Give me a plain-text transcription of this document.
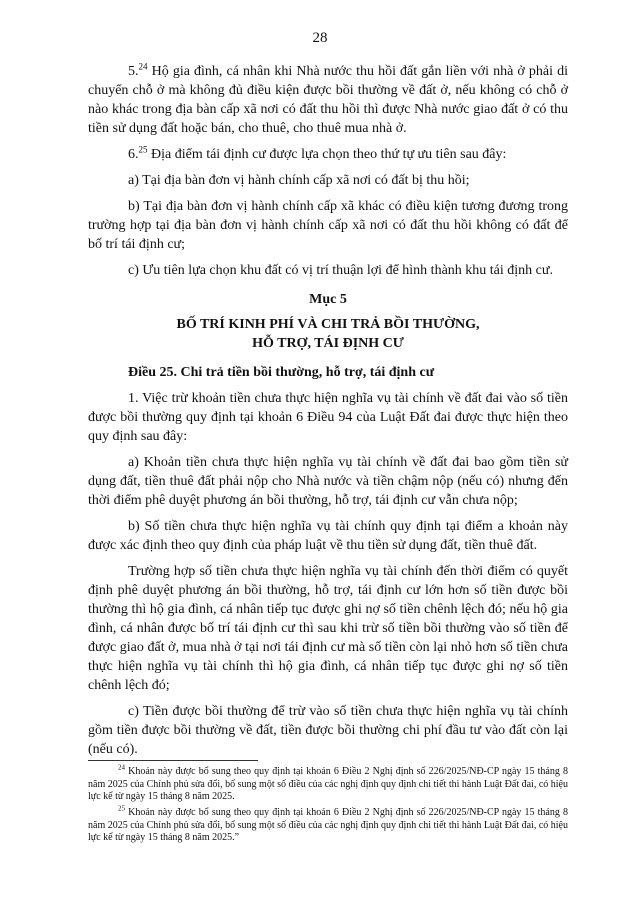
28

5.24 Hộ gia đình, cá nhân khi Nhà nước thu hồi đất gắn liền với nhà ở phải di chuyển chỗ ở mà không đủ điều kiện được bồi thường về đất ở, nếu không có chỗ ở nào khác trong địa bàn cấp xã nơi có đất thu hồi thì được Nhà nước giao đất ở có thu tiền sử dụng đất hoặc bán, cho thuê, cho thuê mua nhà ở.

6.25 Địa điểm tái định cư được lựa chọn theo thứ tự ưu tiên sau đây:

a) Tại địa bàn đơn vị hành chính cấp xã nơi có đất bị thu hồi;

b) Tại địa bàn đơn vị hành chính cấp xã khác có điều kiện tương đương trong trường hợp tại địa bàn đơn vị hành chính cấp xã nơi có đất thu hồi không có đất để bố trí tái định cư;

c) Ưu tiên lựa chọn khu đất có vị trí thuận lợi để hình thành khu tái định cư.

Mục 5

BỐ TRÍ KINH PHÍ VÀ CHI TRẢ BỒI THƯỜNG,
HỖ TRỢ, TÁI ĐỊNH CƯ

Điều 25. Chi trả tiền bồi thường, hỗ trợ, tái định cư

1. Việc trừ khoản tiền chưa thực hiện nghĩa vụ tài chính về đất đai vào số tiền được bồi thường quy định tại khoản 6 Điều 94 của Luật Đất đai được thực hiện theo quy định sau đây:

a) Khoản tiền chưa thực hiện nghĩa vụ tài chính về đất đai bao gồm tiền sử dụng đất, tiền thuê đất phải nộp cho Nhà nước và tiền chậm nộp (nếu có) nhưng đến thời điểm phê duyệt phương án bồi thường, hỗ trợ, tái định cư vẫn chưa nộp;

b) Số tiền chưa thực hiện nghĩa vụ tài chính quy định tại điểm a khoản này được xác định theo quy định của pháp luật về thu tiền sử dụng đất, tiền thuê đất.

Trường hợp số tiền chưa thực hiện nghĩa vụ tài chính đến thời điểm có quyết định phê duyệt phương án bồi thường, hỗ trợ, tái định cư lớn hơn số tiền được bồi thường thì hộ gia đình, cá nhân tiếp tục được ghi nợ số tiền chênh lệch đó; nếu hộ gia đình, cá nhân được bố trí tái định cư thì sau khi trừ số tiền bồi thường vào số tiền để được giao đất ở, mua nhà ở tại nơi tái định cư mà số tiền còn lại nhỏ hơn số tiền chưa thực hiện nghĩa vụ tài chính thì hộ gia đình, cá nhân tiếp tục được ghi nợ số tiền chênh lệch đó;

c) Tiền được bồi thường để trừ vào số tiền chưa thực hiện nghĩa vụ tài chính gồm tiền được bồi thường về đất, tiền được bồi thường chi phí đầu tư vào đất còn lại (nếu có).

$^{24}$ Khoản này được bổ sung theo quy định tại khoản 6 Điều 2 Nghị định số 226/2025/NĐ-CP ngày 15 tháng 8 năm 2025 của Chính phủ sửa đổi, bổ sung một số điều của các nghị định quy định chi tiết thi hành Luật Đất đai, có hiệu lực kể từ ngày 15 tháng 8 năm 2025.
$^{25}$ Khoản này được bổ sung theo quy định tại khoản 6 Điều 2 Nghị định số 226/2025/NĐ-CP ngày 15 tháng 8 năm 2025 của Chính phủ sửa đổi, bổ sung một số điều của các nghị định quy định chi tiết thi hành Luật Đất đai, có hiệu lực kể từ ngày 15 tháng 8 năm 2025.”
